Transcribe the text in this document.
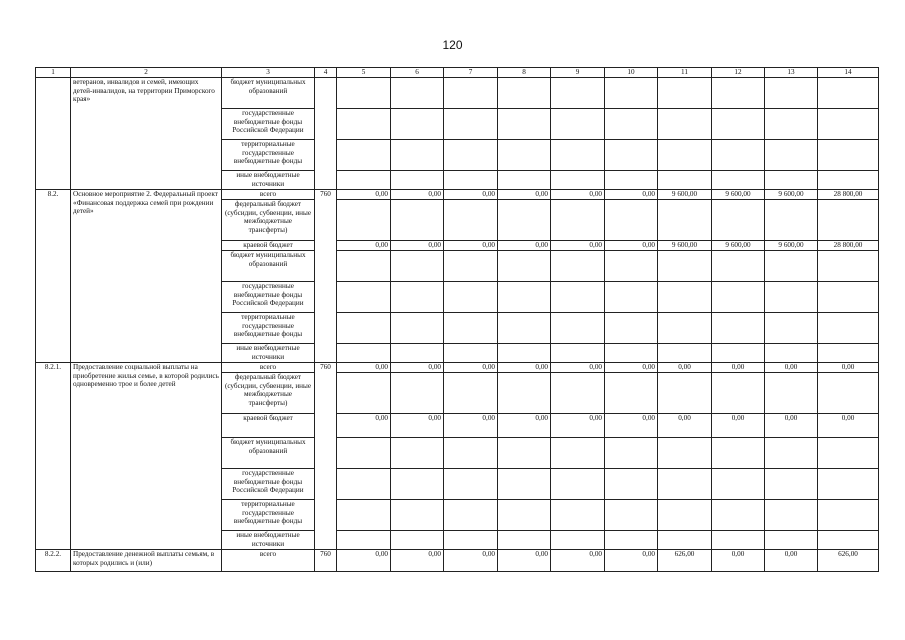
120
1	2	3	4	5	6	7	8	9	10	11	12	13	14
	ветеранов, инвалидов и семей, имеющих детей-инвалидов, на территории Приморского края»	бюджет муниципальных образований											
		государственные внебюджетные фонды Российской Федерации											
		территориальные государственные внебюджетные фонды											
		иные внебюджетные источники											
8.2.	Основное мероприятие 2. Федеральный проект «Финансовая поддержка семей при рождении детей»	всего	760	0,00	0,00	0,00	0,00	0,00	0,00	9 600,00	9 600,00	9 600,00	28 800,00
		федеральный бюджет (субсидии, субвенции, иные межбюджетные трансферты)											
		краевой бюджет		0,00	0,00	0,00	0,00	0,00	0,00	9 600,00	9 600,00	9 600,00	28 800,00
		бюджет муниципальных образований											
		государственные внебюджетные фонды Российской Федерации											
		территориальные государственные внебюджетные фонды											
		иные внебюджетные источники											
8.2.1.	Предоставление социальной выплаты на приобретение жилья семье, в которой родились одновременно трое и более детей	всего	760	0,00	0,00	0,00	0,00	0,00	0,00	0,00	0,00	0,00	0,00
		федеральный бюджет (субсидии, субвенции, иные межбюджетные трансферты)											
		краевой бюджет		0,00	0,00	0,00	0,00	0,00	0,00	0,00	0,00	0,00	0,00
		бюджет муниципальных образований											
		государственные внебюджетные фонды Российской Федерации											
		территориальные государственные внебюджетные фонды											
		иные внебюджетные источники											
8.2.2.	Предоставление денежной выплаты семьям, в которых родились и (или)	всего	760	0,00	0,00	0,00	0,00	0,00	0,00	626,00	0,00	0,00	626,00
